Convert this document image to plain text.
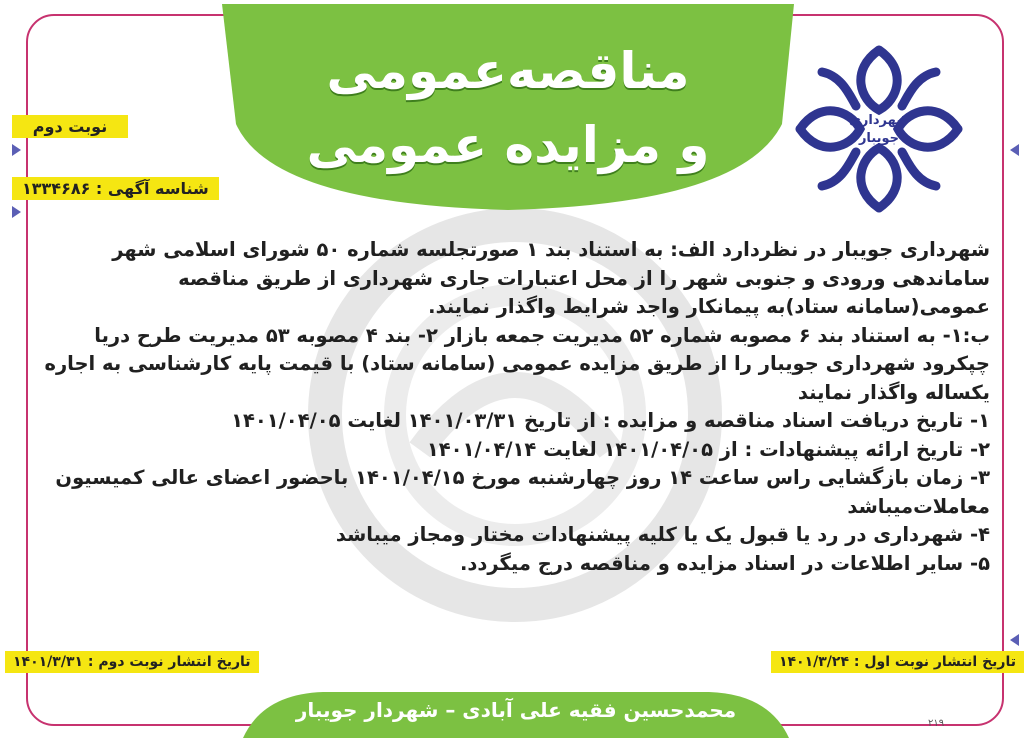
مناقصه‌عمومی
و مزایده عمومی	شهرداری
جویبار
نوبت دوم
شناسه آگهی : ۱۳۳۴۶۸۶

شهرداری جویبار در نظردارد الف: به استناد بند ۱ صورتجلسه شماره ۵۰ شورای اسلامی شهر ساماندهی ورودی و جنوبی شهر را از محل اعتبارات جاری شهرداری از طریق مناقصه عمومی(سامانه ستاد)به پیمانکار واجد شرایط واگذار نمایند.

ب:۱- به استناد بند ۶ مصوبه شماره ۵۲ مدیریت جمعه بازار ۲- بند ۴ مصوبه ۵۳ مدیریت طرح دریا چپکرود شهرداری جویبار را از طریق مزایده عمومی (سامانه ستاد) با قیمت پایه کارشناسی به اجاره یکساله واگذار نمایند

۱- تاریخ دریافت اسناد مناقصه و مزایده : از تاریخ ۱۴۰۱/۰۳/۳۱ لغایت ۱۴۰۱/۰۴/۰۵

۲- تاریخ ارائه پیشنهادات : از ۱۴۰۱/۰۴/۰۵ لغایت ۱۴۰۱/۰۴/۱۴

۳- زمان بازگشایی راس ساعت ۱۴ روز چهارشنبه مورخ ۱۴۰۱/۰۴/۱۵ باحضور اعضای عالی کمیسیون معاملات‌میباشد

۴- شهرداری در رد یا قبول یک یا کلیه پیشنهادات مختار ومجاز میباشد

۵- سایر اطلاعات در اسناد مزایده و مناقصه درج میگردد.

تاریخ انتشار نوبت دوم : ۱۴۰۱/۳/۳۱	تاریخ انتشار نوبت اول : ۱۴۰۱/۳/۲۴
محمدحسین فقیه علی آبادی – شهردار جویبار
۲۱۹
